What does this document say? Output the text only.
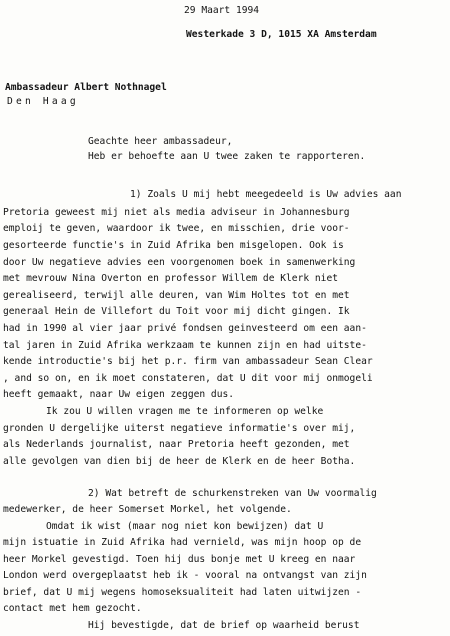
29 Maart 1994
Westerkade 3 D, 1015 XA Amsterdam
Ambassadeur Albert Nothnagel
Den Haag
Geachte heer ambassadeur,
Heb er behoefte aan U twee zaken te rapporteren.
1) Zoals U mij hebt meegedeeld is Uw advies aan
Pretoria geweest mij niet als media adviseur in Johannesburg
emploij te geven, waardoor ik twee, en misschien, drie voor-
gesorteerde functie's in Zuid Afrika ben misgelopen. Ook is
door Uw negatieve advies een voorgenomen boek in samenwerking
met mevrouw Nina Overton en professor Willem de Klerk niet
gerealiseerd, terwijl alle deuren, van Wim Holtes tot en met
generaal Hein de Villefort du Toit voor mij dicht gingen. Ik
had in 1990 al vier jaar privé fondsen geinvesteerd om een aan-
tal jaren in Zuid Afrika werkzaam te kunnen zijn en had uitste-
kende introductie's bij het p.r. firm van ambassadeur Sean Clear
, and so on, en ik moet constateren, dat U dit voor mij onmogeli
heeft gemaakt, naar Uw eigen zeggen dus.
Ik zou U willen vragen me te informeren op welke
gronden U dergelijke uiterst negatieve informatie's over mij,
als Nederlands journalist, naar Pretoria heeft gezonden, met
alle gevolgen van dien bij de heer de Klerk en de heer Botha.
2) Wat betreft de schurkenstreken van Uw voormalig
medewerker, de heer Somerset Morkel, het volgende.
Omdat ik wist (maar nog niet kon bewijzen) dat U
mijn istuatie in Zuid Afrika had vernield, was mijn hoop op de
heer Morkel gevestigd. Toen hij dus bonje met U kreeg en naar
London werd overgeplaatst heb ik - vooral na ontvangst van zijn
brief, dat U mij wegens homoseksualiteit had laten uitwijzen -
contact met hem gezocht.
Hij bevestigde, dat de brief op waarheid berust
